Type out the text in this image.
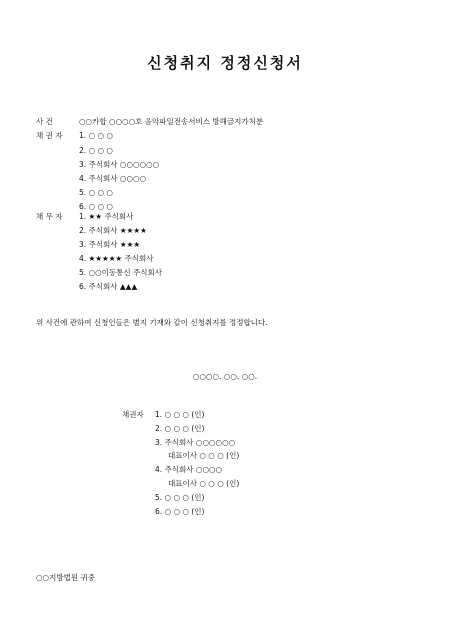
신청취지 정정신청서
사 건	○○카합 ○○○○호 음악파일전송서비스 방해금지가처분
채 권 자 1. ○ ○ ○
2. ○ ○ ○
3. 주식회사 ○○○○○○
4. 주식회사 ○○○○
5. ○ ○ ○
6. ○ ○ ○
채 무 자 1. ★★ 주식회사
2. 주식회사 ★★★★
3. 주식회사 ★★★
4. ★★★★★ 주식회사
5. ○○이동통신 주식회사
6. 주식회사 ▲▲▲
위 사건에 관하여 신청인들은 별지 기재와 같이 신청취지를 정정합니다.
○○○○. ○○. ○○.
채권자 1. ○ ○ ○ (인)
2. ○ ○ ○ (인)
3. 주식회사 ○○○○○○
대표이사 ○ ○ ○ (인)
4. 주식회사 ○○○○
대표이사 ○ ○ ○ (인)
5. ○ ○ ○ (인)
6. ○ ○ ○ (인)
○○지방법원 귀중
